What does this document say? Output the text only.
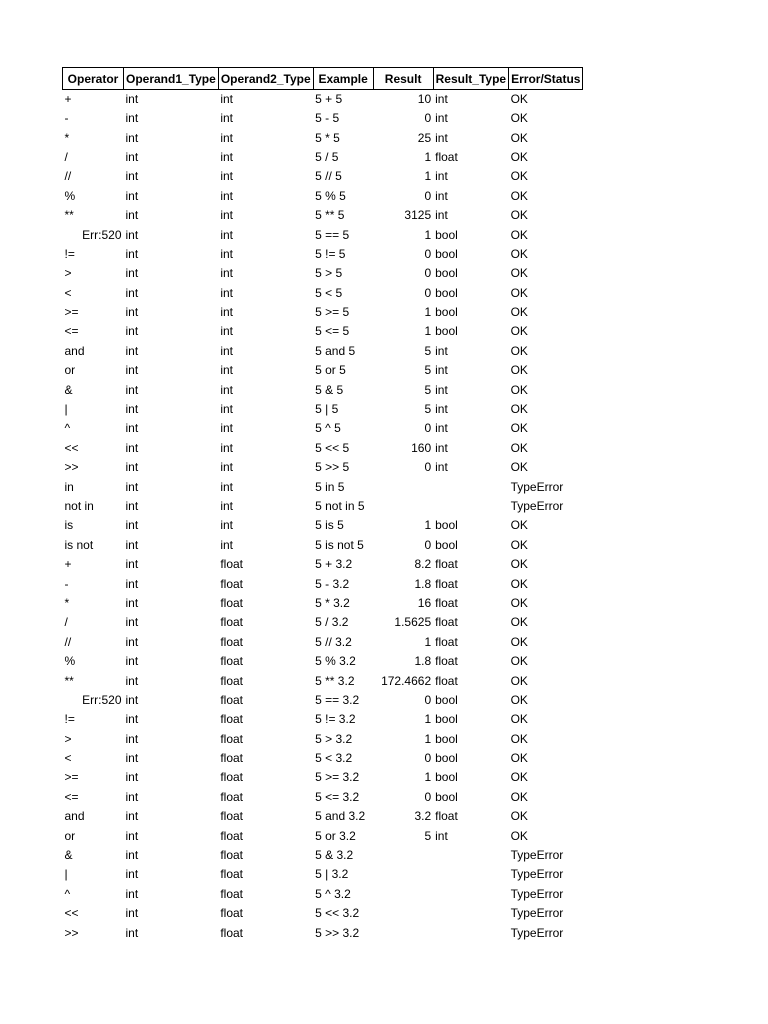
Operator	Operand1_Type	Operand2_Type	Example	Result	Result_Type	Error/Status
+	int	int	5 + 5	10	int	OK
-	int	int	5 - 5	0	int	OK
*	int	int	5 * 5	25	int	OK
/	int	int	5 / 5	1	float	OK
//	int	int	5 // 5	1	int	OK
%	int	int	5 % 5	0	int	OK
**	int	int	5 ** 5	3125	int	OK
Err:520	int	int	5 == 5	1	bool	OK
!=	int	int	5 != 5	0	bool	OK
>	int	int	5 > 5	0	bool	OK
<	int	int	5 < 5	0	bool	OK
>=	int	int	5 >= 5	1	bool	OK
<=	int	int	5 <= 5	1	bool	OK
and	int	int	5 and 5	5	int	OK
or	int	int	5 or 5	5	int	OK
&	int	int	5 & 5	5	int	OK
|	int	int	5 | 5	5	int	OK
^	int	int	5 ^ 5	0	int	OK
<<	int	int	5 << 5	160	int	OK
>>	int	int	5 >> 5	0	int	OK
in	int	int	5 in 5			TypeError
not in	int	int	5 not in 5			TypeError
is	int	int	5 is 5	1	bool	OK
is not	int	int	5 is not 5	0	bool	OK
+	int	float	5 + 3.2	8.2	float	OK
-	int	float	5 - 3.2	1.8	float	OK
*	int	float	5 * 3.2	16	float	OK
/	int	float	5 / 3.2	1.5625	float	OK
//	int	float	5 // 3.2	1	float	OK
%	int	float	5 % 3.2	1.8	float	OK
**	int	float	5 ** 3.2	172.4662	float	OK
Err:520	int	float	5 == 3.2	0	bool	OK
!=	int	float	5 != 3.2	1	bool	OK
>	int	float	5 > 3.2	1	bool	OK
<	int	float	5 < 3.2	0	bool	OK
>=	int	float	5 >= 3.2	1	bool	OK
<=	int	float	5 <= 3.2	0	bool	OK
and	int	float	5 and 3.2	3.2	float	OK
or	int	float	5 or 3.2	5	int	OK
&	int	float	5 & 3.2			TypeError
|	int	float	5 | 3.2			TypeError
^	int	float	5 ^ 3.2			TypeError
<<	int	float	5 << 3.2			TypeError
>>	int	float	5 >> 3.2			TypeError
